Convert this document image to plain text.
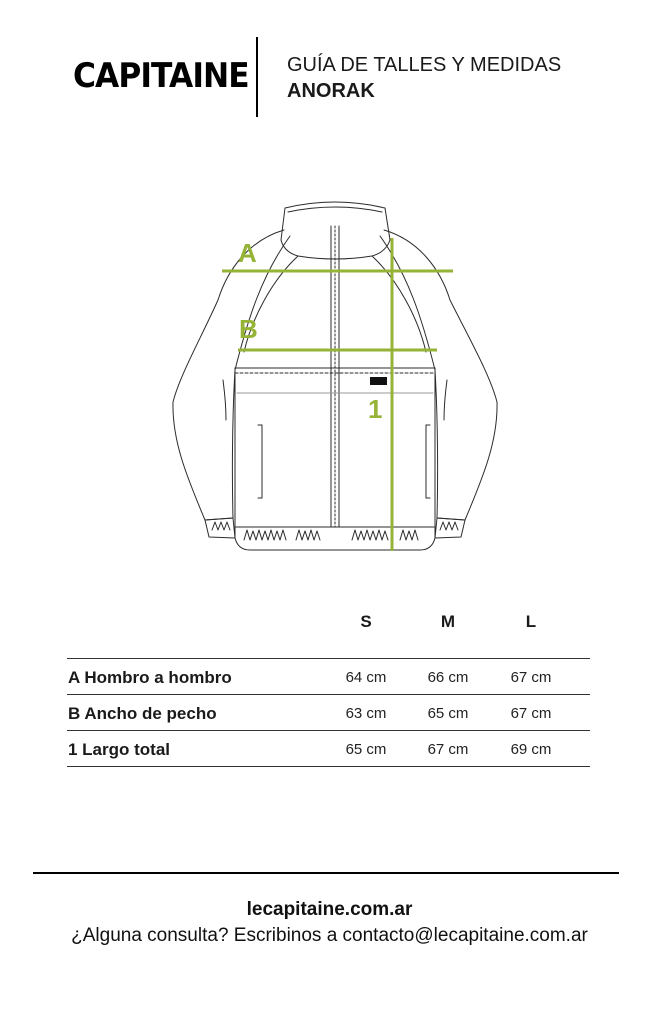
CAPITAINE GUÍA DE TALLES Y MEDIDAS
ANORAK
A
B
1
S	M	L
A Hombro a hombro	64 cm	66 cm	67 cm
B Ancho de pecho	63 cm	65 cm	67 cm
1 Largo total	65 cm	67 cm	69 cm
lecapitaine.com.ar
¿Alguna consulta? Escribinos a contacto@lecapitaine.com.ar
